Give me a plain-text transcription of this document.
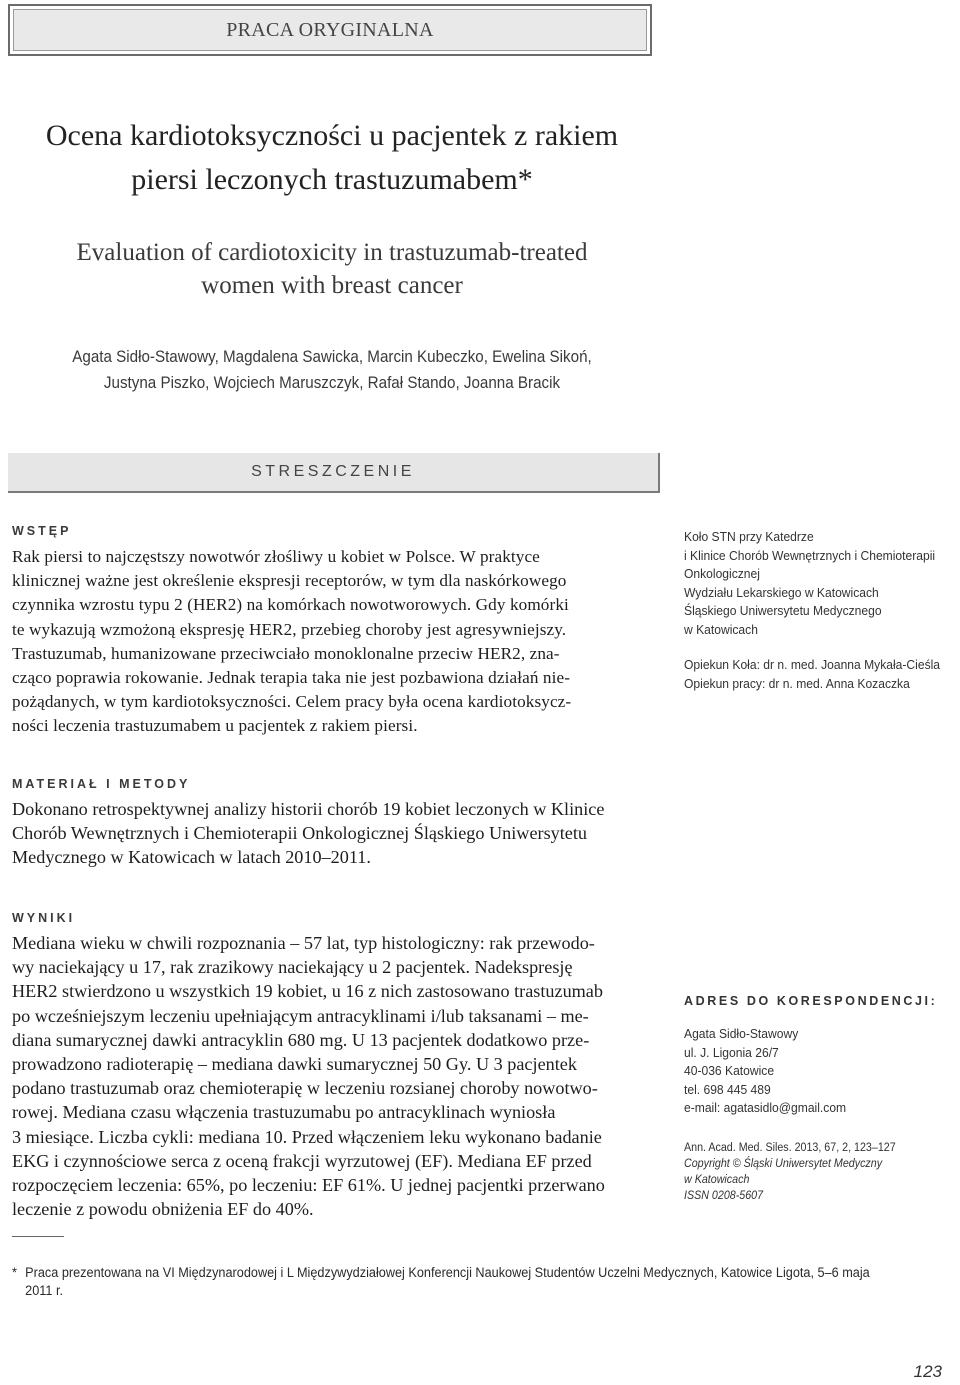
PRACA ORYGINALNA
Ocena kardiotoksyczności u pacjentek z rakiem
piersi leczonych trastuzumabem*
Evaluation of cardiotoxicity in trastuzumab-treated
women with breast cancer
Agata Sidło-Stawowy, Magdalena Sawicka, Marcin Kubeczko, Ewelina Sikoń,
Justyna Piszko, Wojciech Maruszczyk, Rafał Stando, Joanna Bracik
STRESZCZENIE
WSTĘP
Rak piersi to najczęstszy nowotwór złośliwy u kobiet w Polsce. W praktyce
klinicznej ważne jest określenie ekspresji receptorów, w tym dla naskórkowego
czynnika wzrostu typu 2 (HER2) na komórkach nowotworowych. Gdy komórki
te wykazują wzmożoną ekspresję HER2, przebieg choroby jest agresywniejszy.
Trastuzumab, humanizowane przeciwciało monoklonalne przeciw HER2, zna-
cząco poprawia rokowanie. Jednak terapia taka nie jest pozbawiona działań nie-
pożądanych, w tym kardiotoksyczności. Celem pracy była ocena kardiotoksycz-
ności leczenia trastuzumabem u pacjentek z rakiem piersi.
MATERIAŁ I METODY
Dokonano retrospektywnej analizy historii chorób 19 kobiet leczonych w Klinice
Chorób Wewnętrznych i Chemioterapii Onkologicznej Śląskiego Uniwersytetu
Medycznego w Katowicach w latach 2010–2011.
WYNIKI
Mediana wieku w chwili rozpoznania – 57 lat, typ histologiczny: rak przewodo-
wy naciekający u 17, rak zrazikowy naciekający u 2 pacjentek. Nadekspresję
HER2 stwierdzono u wszystkich 19 kobiet, u 16 z nich zastosowano trastuzumab
po wcześniejszym leczeniu upełniającym antracyklinami i/lub taksanami – me-
diana sumarycznej dawki antracyklin 680 mg. U 13 pacjentek dodatkowo prze-
prowadzono radioterapię – mediana dawki sumarycznej 50 Gy. U 3 pacjentek
podano trastuzumab oraz chemioterapię w leczeniu rozsianej choroby nowotwo-
rowej. Mediana czasu włączenia trastuzumabu po antracyklinach wyniosła
3 miesiące. Liczba cykli: mediana 10. Przed włączeniem leku wykonano badanie
EKG i czynnościowe serca z oceną frakcji wyrzutowej (EF). Mediana EF przed
rozpoczęciem leczenia: 65%, po leczeniu: EF 61%. U jednej pacjentki przerwano
leczenie z powodu obniżenia EF do 40%.
Koło STN przy Katedrze
i Klinice Chorób Wewnętrznych i Chemioterapii
Onkologicznej
Wydziału Lekarskiego w Katowicach
Śląskiego Uniwersytetu Medycznego
w Katowicach
Opiekun Koła: dr n. med. Joanna Mykała-Cieśla
Opiekun pracy: dr n. med. Anna Kozaczka
ADRES DO KORESPONDENCJI:
Agata Sidło-Stawowy
ul. J. Ligonia 26/7
40-036 Katowice
tel. 698 445 489
e-mail: agatasidlo@gmail.com
Ann. Acad. Med. Siles. 2013, 67, 2, 123–127
Copyright © Śląski Uniwersytet Medyczny
w Katowicach
ISSN 0208-5607
* Praca prezentowana na VI Międzynarodowej i L Międzywydziałowej Konferencji Naukowej Studentów Uczelni Medycznych, Katowice Ligota, 5–6 maja 2011 r.
123
